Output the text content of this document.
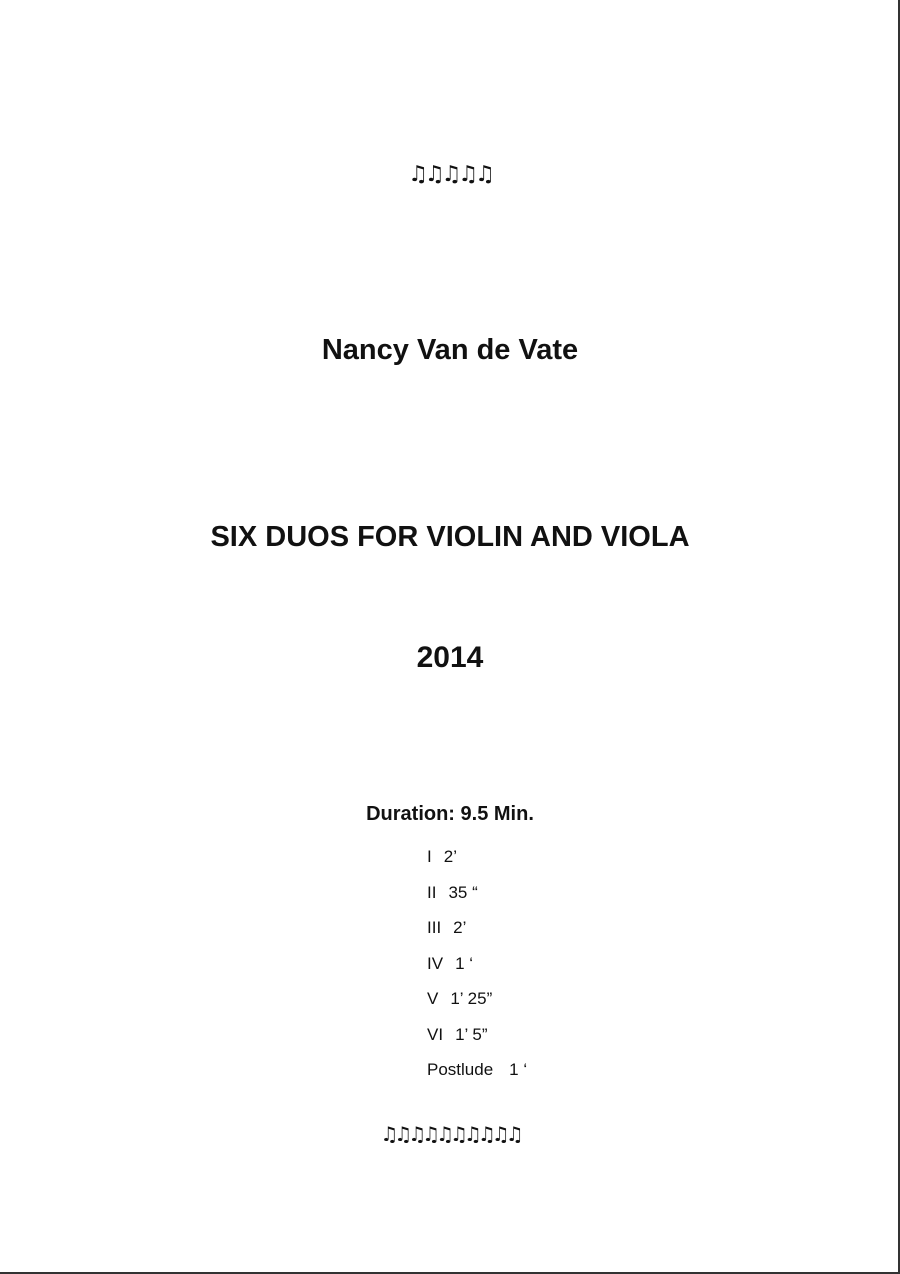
♫♫♫♫♫
Nancy Van de Vate
SIX DUOS FOR VIOLIN AND VIOLA
2014
Duration: 9.5 Min.
I 2’
II 35 “
III 2’
IV 1 ‘
V 1’ 25”
VI 1’ 5”
Postlude 1 ‘
♫♫♫♫♫♫♫♫♫♫
